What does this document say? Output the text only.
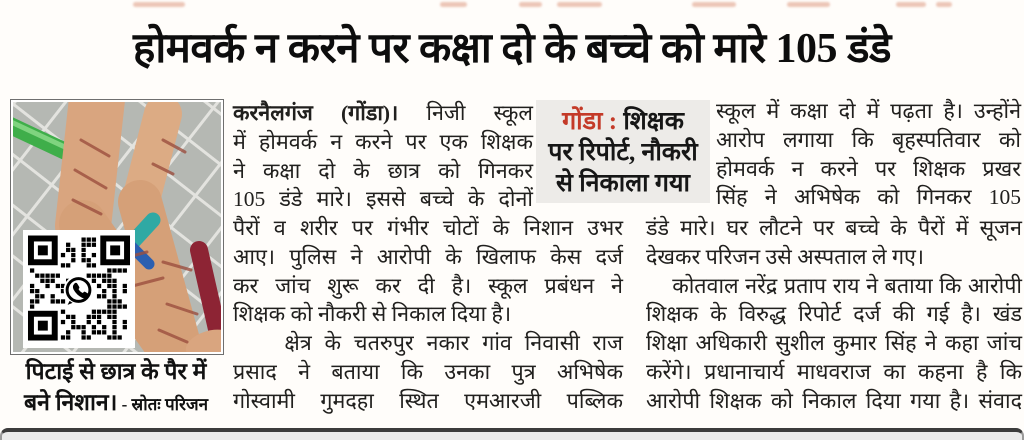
होमवर्क न करने पर कक्षा दो के बच्चे को मारे 105 डंडे
पिटाई से छात्र के पैर में
बने निशान। - स्रोतः परिजन
गोंडा : शिक्षक
पर रिपोर्ट, नौकरी
से निकाला गया
करनैलगंज (गोंडा)। निजी स्कूल
में होमवर्क न करने पर एक शिक्षक
ने कक्षा दो के छात्र को गिनकर
105 डंडे मारे। इससे बच्चे के दोनों
पैरों व शरीर पर गंभीर चोटों के निशान उभर
आए। पुलिस ने आरोपी के खिलाफ केस दर्ज
कर जांच शुरू कर दी है। स्कूल प्रबंधन ने
शिक्षक को नौकरी से निकाल दिया है।
क्षेत्र के चतरुपुर नकार गांव निवासी राज
प्रसाद ने बताया कि उनका पुत्र अभिषेक
गोस्वामी गुमदहा स्थित एमआरजी पब्लिक
स्कूल में कक्षा दो में पढ़ता है। उन्होंने
आरोप लगाया कि बृहस्पतिवार को
होमवर्क न करने पर शिक्षक प्रखर
सिंह ने अभिषेक को गिनकर 105
डंडे मारे। घर लौटने पर बच्चे के पैरों में सूजन
देखकर परिजन उसे अस्पताल ले गए।
कोतवाल नरेंद्र प्रताप राय ने बताया कि आरोपी
शिक्षक के विरुद्ध रिपोर्ट दर्ज की गई है। खंड
शिक्षा अधिकारी सुशील कुमार सिंह ने कहा जांच
करेंगे। प्रधानाचार्य माधवराज का कहना है कि
आरोपी शिक्षक को निकाल दिया गया है। संवाद
